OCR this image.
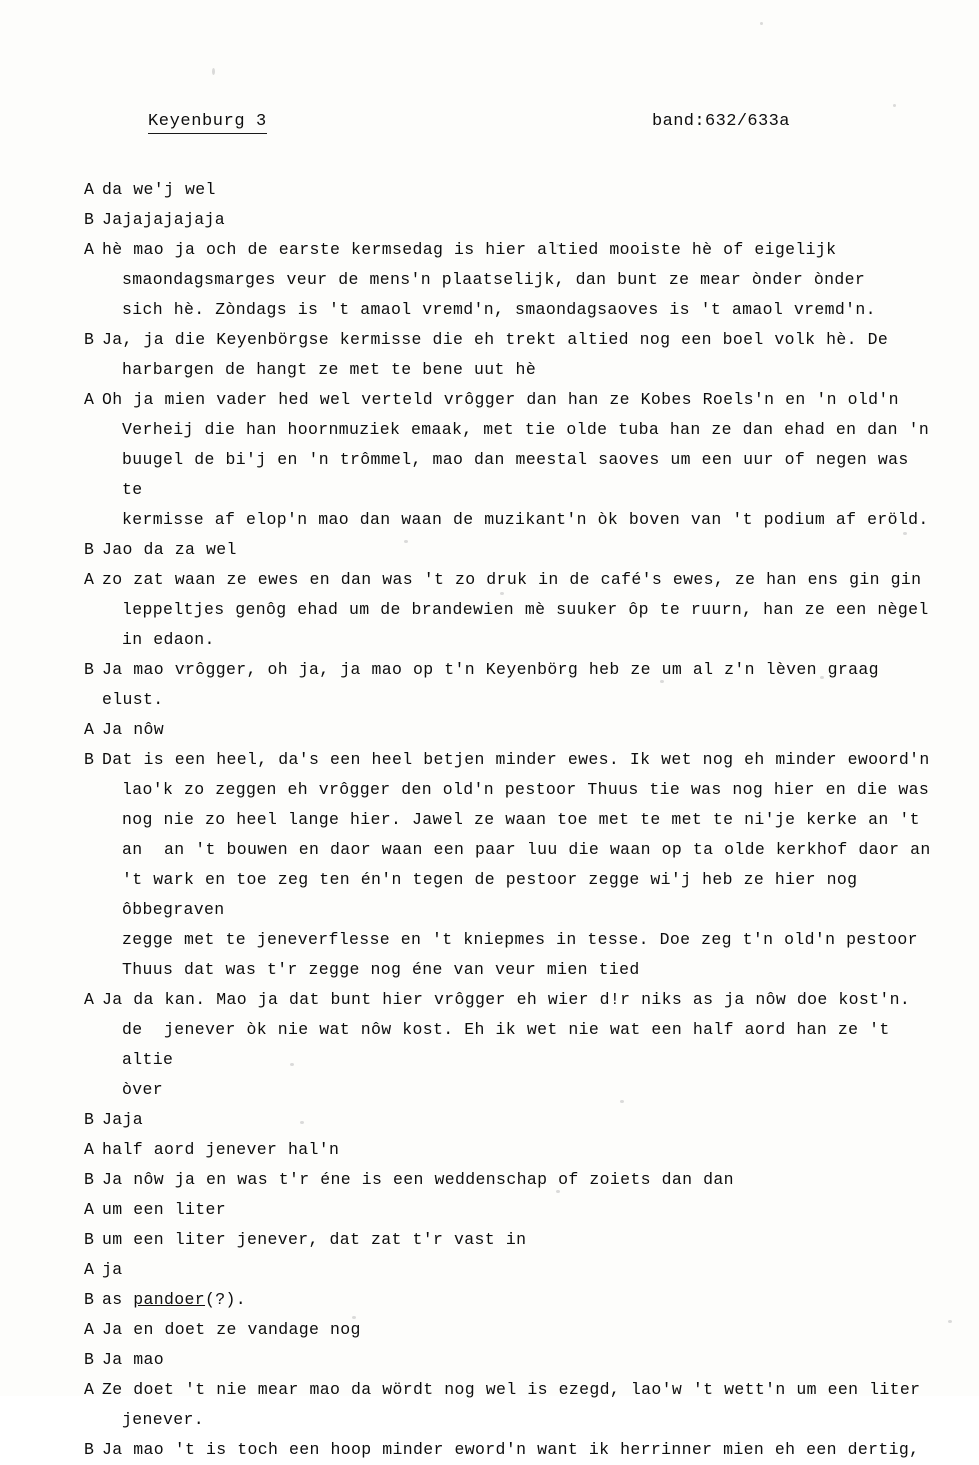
Keyenburg 3	band:632/633a
A da we'j wel
B Jajajajajaja
A hè mao ja och de earste kermsedag is hier altied mooiste hè of eigelijk
smaondagsmarges veur de mens'n plaatselijk, dan bunt ze mear ònder ònder
sich hè. Zòndags is 't amaol vremd'n, smaondagsaoves is 't amaol vremd'n.
B Ja, ja die Keyenbörgse kermisse die eh trekt altied nog een boel volk hè. De
harbargen de hangt ze met te bene uut hè
A Oh ja mien vader hed wel verteld vrôgger dan han ze Kobes Roels'n en 'n old'n
Verheij die han hoornmuziek emaak, met tie olde tuba han ze dan ehad en dan 'n
buugel de bi'j en 'n trômmel, mao dan meestal saoves um een uur of negen was te
kermisse af elop'n mao dan waan de muzikant'n òk boven van 't podium af eröld.
B Jao da za wel
A zo zat waan ze ewes en dan was 't zo druk in de café's ewes, ze han ens gin gin
leppeltjes genôg ehad um de brandewien mè suuker ôp te ruurn, han ze een nègel
in edaon.
B Ja mao vrôgger, oh ja, ja mao op t'n Keyenbörg heb ze um al z'n lèven graag elust.
A Ja nôw
B Dat is een heel, da's een heel betjen minder ewes. Ik wet nog eh minder ewoord'n
lao'k zo zeggen eh vrôgger den old'n pestoor Thuus tie was nog hier en die was
nog nie zo heel lange hier. Jawel ze waan toe met te met te ni'je kerke an 't
an  an 't bouwen en daor waan een paar luu die waan op ta olde kerkhof daor an
't wark en toe zeg ten én'n tegen de pestoor zegge wi'j heb ze hier nog ôbbegraven
zegge met te jeneverflesse en 't kniepmes in tesse. Doe zeg t'n old'n pestoor
Thuus dat was t'r zegge nog éne van veur mien tied
A Ja da kan. Mao ja dat bunt hier vrôgger eh wier d!r niks as ja nôw doe kost'n.
de  jenever òk nie wat nôw kost. Eh ik wet nie wat een half aord han ze 't altie
òver
B Jaja
A half aord jenever hal'n
B Ja nôw ja en was t'r éne is een weddenschap of zoiets dan dan
A um een liter
B um een liter jenever, dat zat t'r vast in
A ja
B as pandoer(?).
A Ja en doet ze vandage nog
B Ja mao
A Ze doet 't nie mear mao da wördt nog wel is ezegd, lao'w 't wett'n um een liter
jenever.
B Ja mao 't is toch een hoop minder eword'n want ik herrinner mien eh een dertig,
